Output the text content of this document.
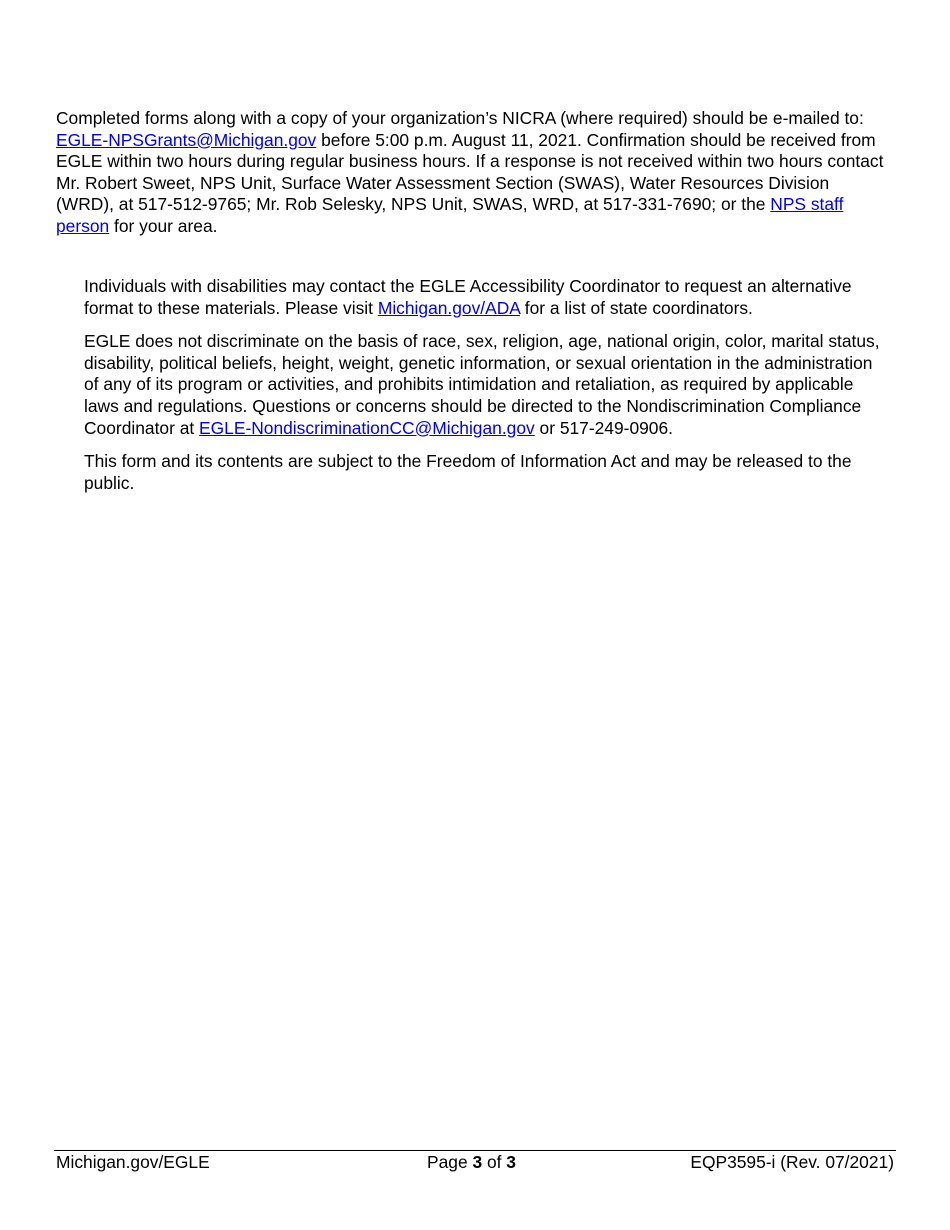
Completed forms along with a copy of your organization’s NICRA (where required) should be e-mailed to: EGLE-NPSGrants@Michigan.gov before 5:00 p.m. August 11, 2021. Confirmation should be received from EGLE within two hours during regular business hours. If a response is not received within two hours contact Mr. Robert Sweet, NPS Unit, Surface Water Assessment Section (SWAS), Water Resources Division (WRD), at 517-512-9765; Mr. Rob Selesky, NPS Unit, SWAS, WRD, at 517-331-7690; or the NPS staff person for your area.

Individuals with disabilities may contact the EGLE Accessibility Coordinator to request an alternative format to these materials. Please visit Michigan.gov/ADA for a list of state coordinators.

EGLE does not discriminate on the basis of race, sex, religion, age, national origin, color, marital status, disability, political beliefs, height, weight, genetic information, or sexual orientation in the administration of any of its program or activities, and prohibits intimidation and retaliation, as required by applicable laws and regulations. Questions or concerns should be directed to the Nondiscrimination Compliance Coordinator at EGLE-NondiscriminationCC@Michigan.gov or 517-249-0906.

This form and its contents are subject to the Freedom of Information Act and may be released to the public.

Michigan.gov/EGLE	Page 3 of 3	EQP3595-i (Rev. 07/2021)
